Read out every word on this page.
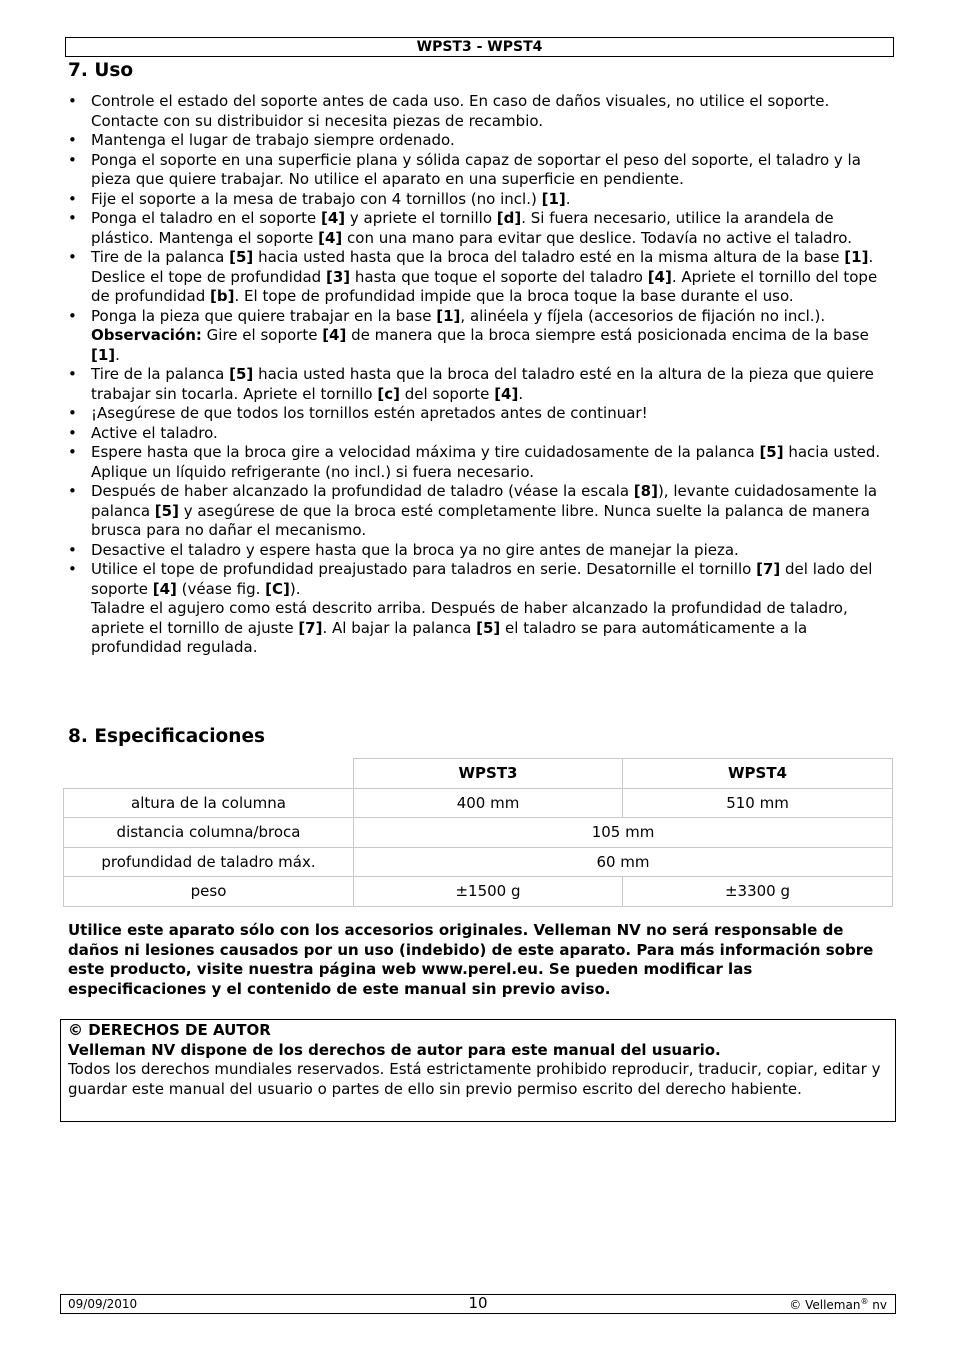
WPST3 - WPST4
7. Uso

• Controle el estado del soporte antes de cada uso. En caso de daños visuales, no utilice el soporte. Contacte con su distribuidor si necesita piezas de recambio.

• Mantenga el lugar de trabajo siempre ordenado.

• Ponga el soporte en una superficie plana y sólida capaz de soportar el peso del soporte, el taladro y la pieza que quiere trabajar. No utilice el aparato en una superficie en pendiente.

• Fije el soporte a la mesa de trabajo con 4 tornillos (no incl.) [1].

• Ponga el taladro en el soporte [4] y apriete el tornillo [d]. Si fuera necesario, utilice la arandela de plástico. Mantenga el soporte [4] con una mano para evitar que deslice. Todavía no active el taladro.

• Tire de la palanca [5] hacia usted hasta que la broca del taladro esté en la misma altura de la base [1]. Deslice el tope de profundidad [3] hasta que toque el soporte del taladro [4]. Apriete el tornillo del tope de profundidad [b]. El tope de profundidad impide que la broca toque la base durante el uso.

• Ponga la pieza que quiere trabajar en la base [1], alinéela y fíjela (accesorios de fijación no incl.).

Observación: Gire el soporte [4] de manera que la broca siempre está posicionada encima de la base [1].

• Tire de la palanca [5] hacia usted hasta que la broca del taladro esté en la altura de la pieza que quiere trabajar sin tocarla. Apriete el tornillo [c] del soporte [4].

• ¡Asegúrese de que todos los tornillos estén apretados antes de continuar!

• Active el taladro.

• Espere hasta que la broca gire a velocidad máxima y tire cuidadosamente de la palanca [5] hacia usted. Aplique un líquido refrigerante (no incl.) si fuera necesario.

• Después de haber alcanzado la profundidad de taladro (véase la escala [8]), levante cuidadosamente la palanca [5] y asegúrese de que la broca esté completamente libre. Nunca suelte la palanca de manera brusca para no dañar el mecanismo.

• Desactive el taladro y espere hasta que la broca ya no gire antes de manejar la pieza.

• Utilice el tope de profundidad preajustado para taladros en serie. Desatornille el tornillo [7] del lado del soporte [4] (véase fig. [C]).

Taladre el agujero como está descrito arriba. Después de haber alcanzado la profundidad de taladro, apriete el tornillo de ajuste [7]. Al bajar la palanca [5] el taladro se para automáticamente a la profundidad regulada.

8. Especificaciones
	WPST3	WPST4
altura de la columna	400 mm	510 mm
distancia columna/broca	105 mm	
profundidad de taladro máx.	60 mm	
peso	±1500 g	±3300 g

Utilice este aparato sólo con los accesorios originales. Velleman NV no será responsable de daños ni lesiones causados por un uso (indebido) de este aparato. Para más información sobre este producto, visite nuestra página web www.perel.eu. Se pueden modificar las especificaciones y el contenido de este manual sin previo aviso.

© DERECHOS DE AUTOR

Velleman NV dispone de los derechos de autor para este manual del usuario.

Todos los derechos mundiales reservados. Está estrictamente prohibido reproducir, traducir, copiar, editar y guardar este manual del usuario o partes de ello sin previo permiso escrito del derecho habiente.

09/09/2010	10	© Velleman® nv
